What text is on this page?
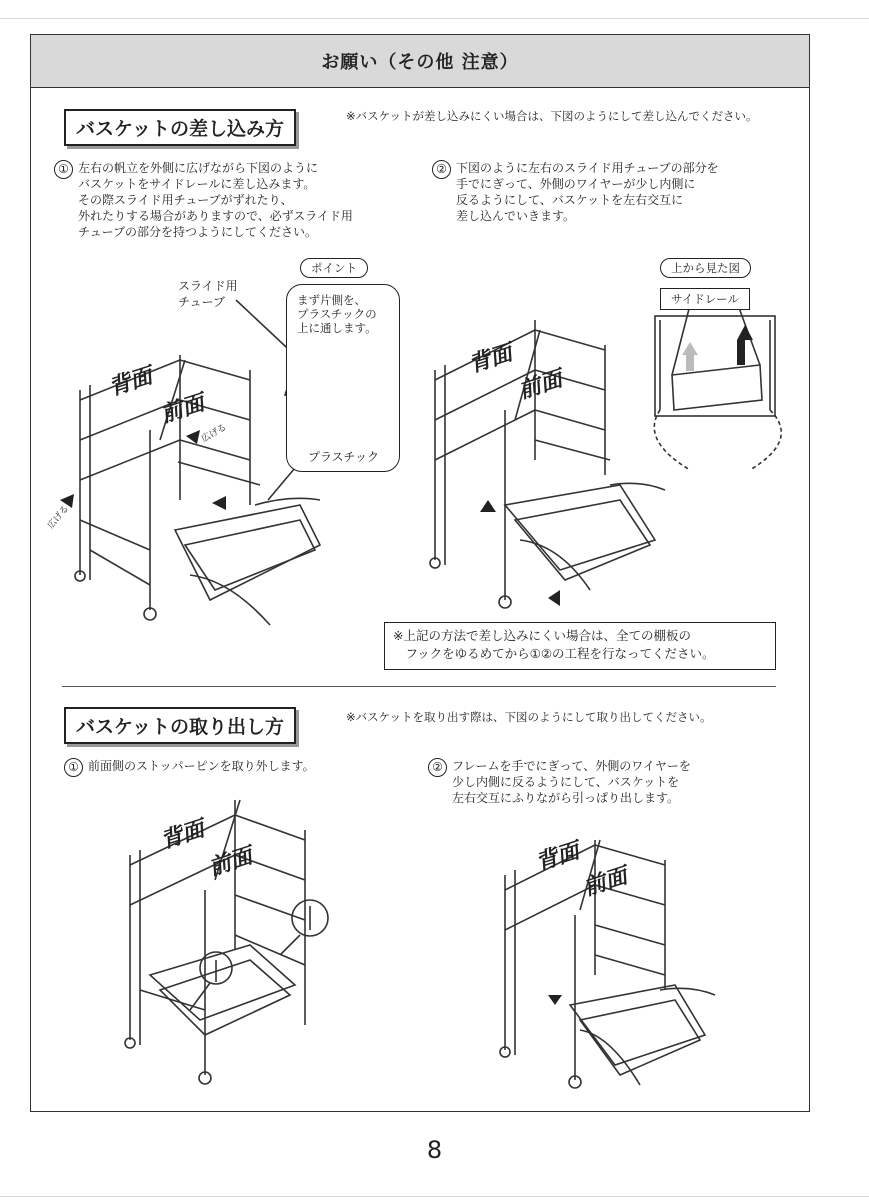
お願い（その他 注意）
バスケットの差し込み方
※バスケットが差し込みにくい場合は、下図のようにして差し込んでください。
① 左右の帆立を外側に広げながら下図のように
バスケットをサイドレールに差し込みます。
その際スライド用チューブがずれたり、
外れたりする場合がありますので、必ずスライド用
チューブの部分を持つようにしてください。
② 下図のように左右のスライド用チューブの部分を
手でにぎって、外側のワイヤーが少し内側に
反るようにして、バスケットを左右交互に
差し込んでいきます。
スライド用
チューブ
ポイント
まず片側を、
プラスチックの
上に通します。
プラスチック
背面
前面
広げる
広げる
背面
前面
上から見た図
サイドレール
※上記の方法で差し込みにくい場合は、全ての棚板の
　フックをゆるめてから①②の工程を行なってください。
バスケットの取り出し方	※バスケットを取り出す際は、下図のようにして取り出してください。
① 前面側のストッパーピンを取り外します。	② フレームを手でにぎって、外側のワイヤーを
少し内側に反るようにして、バスケットを
左右交互にふりながら引っぱり出します。
背面
前面	背面
前面
8
